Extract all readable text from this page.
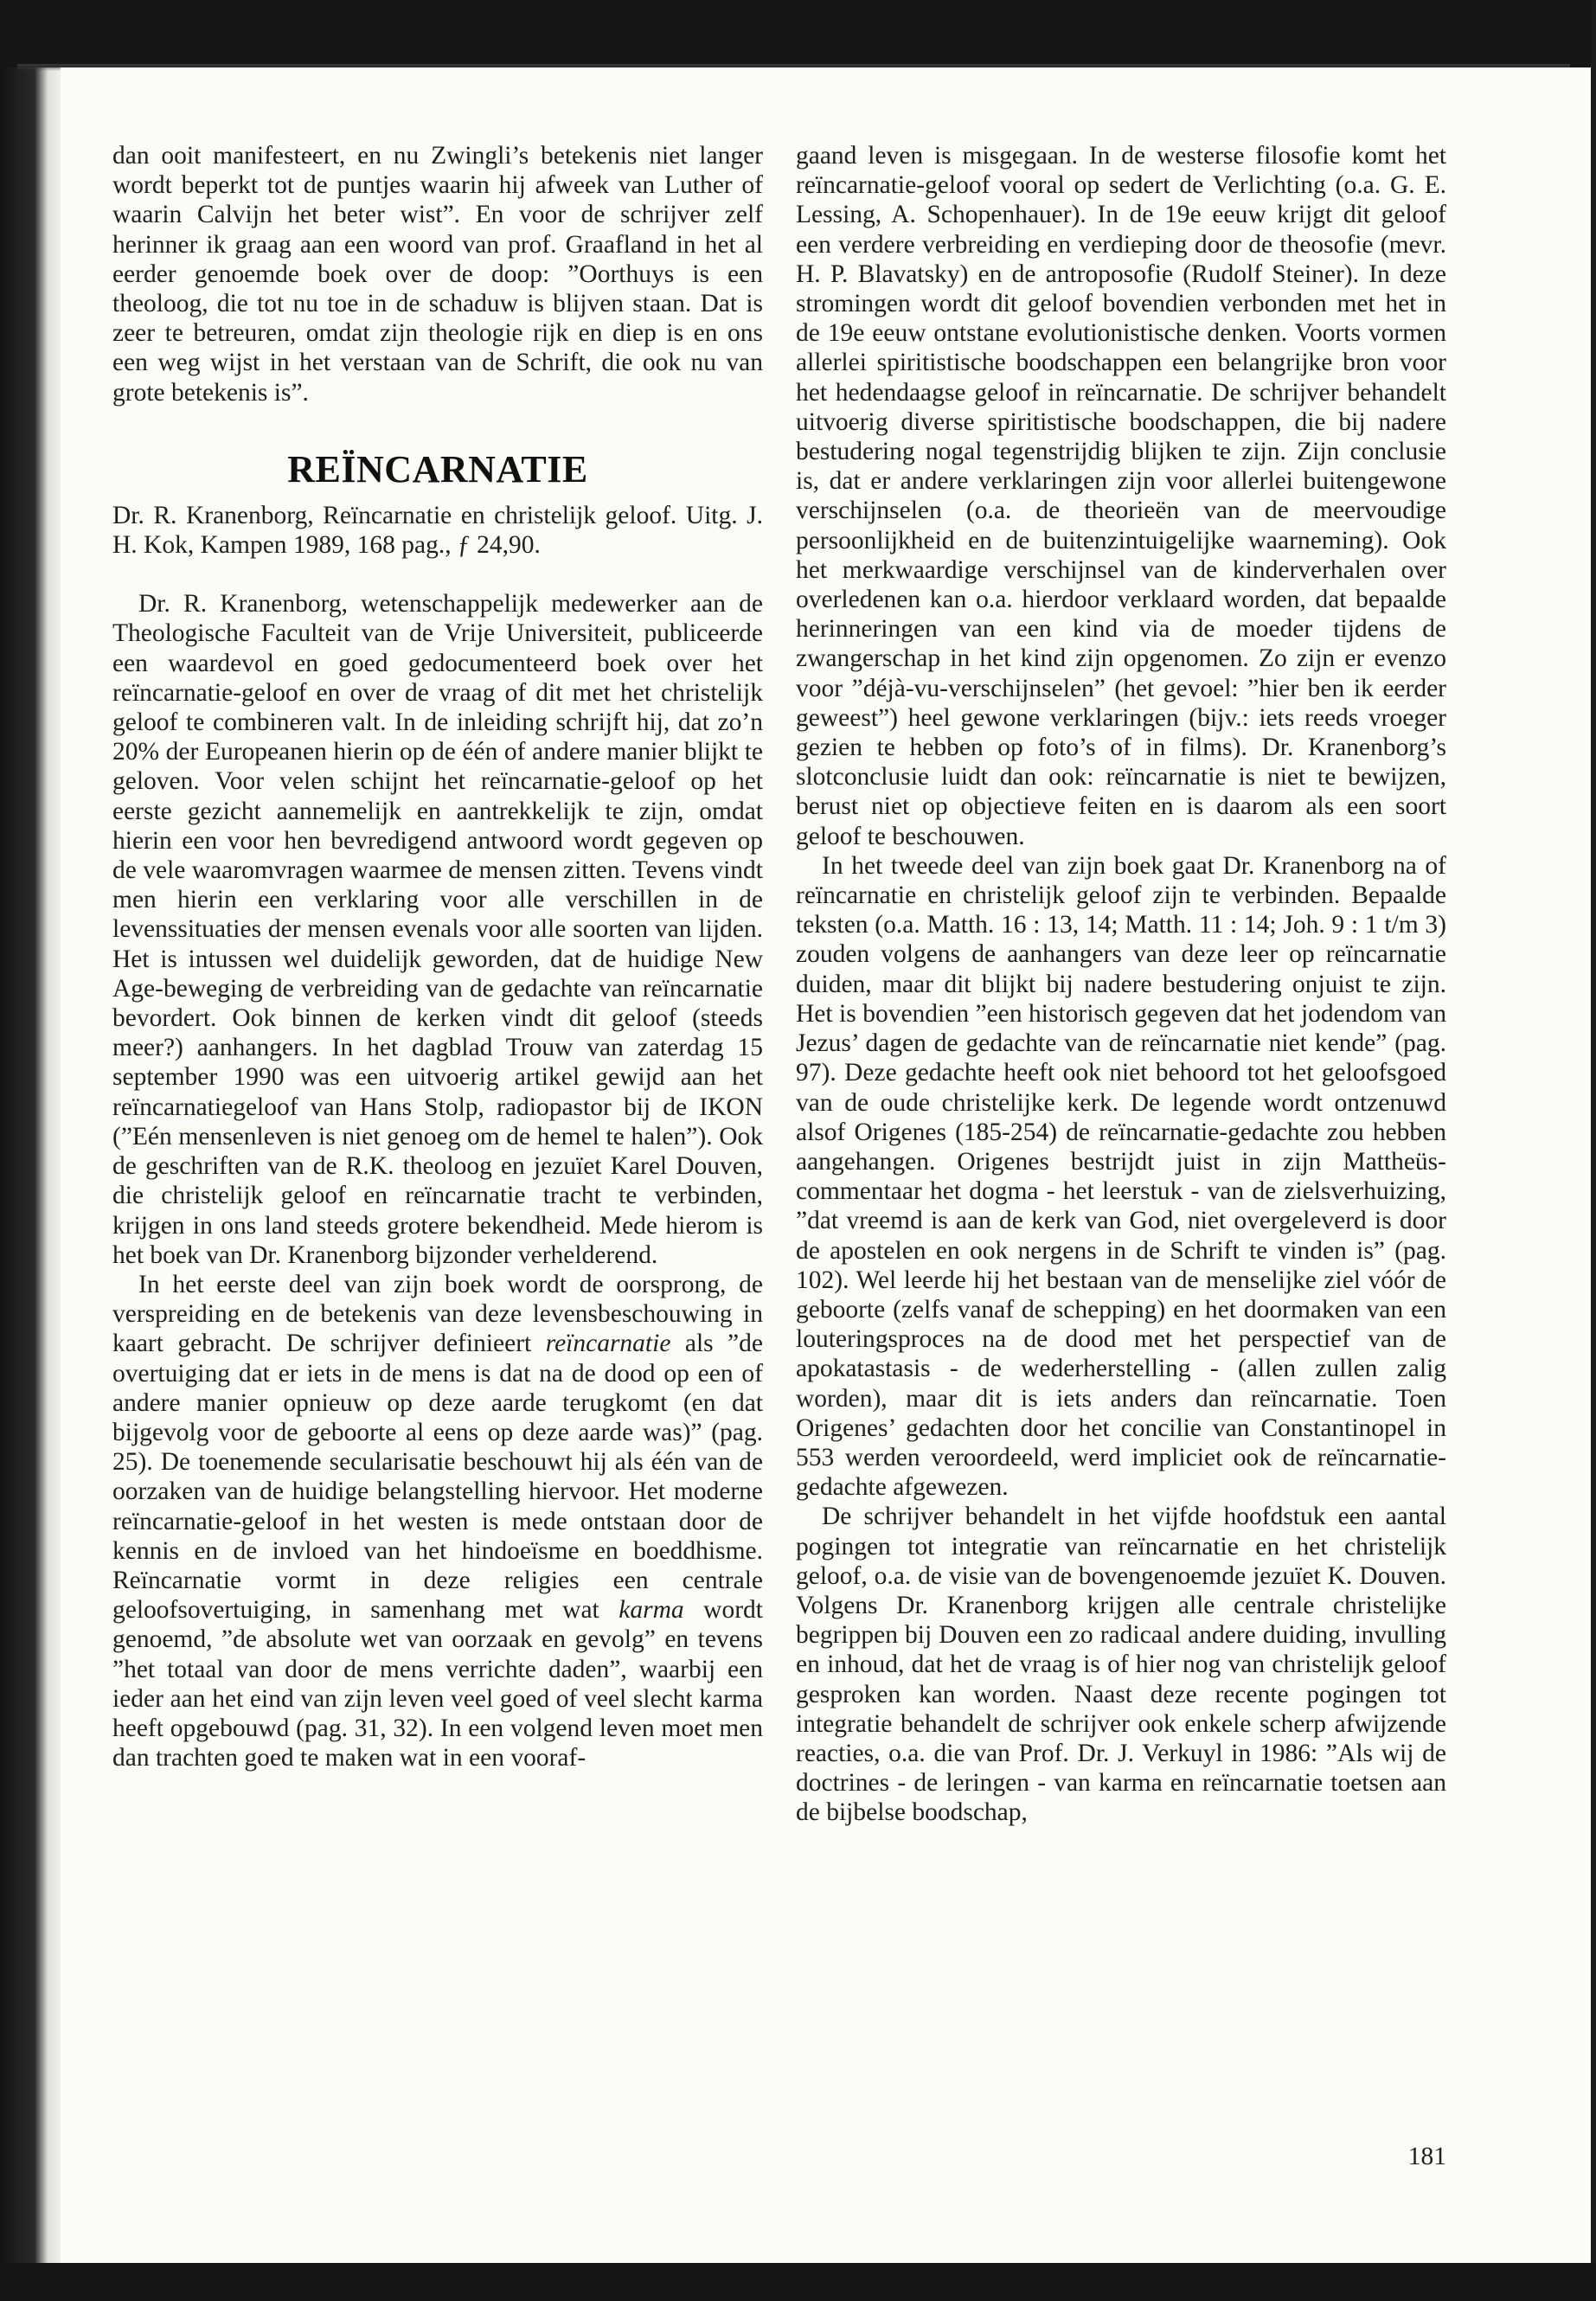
dan ooit manifesteert, en nu Zwingli’s betekenis niet langer wordt beperkt tot de puntjes waarin hij afweek van Luther of waarin Calvijn het beter wist”. En voor de schrijver zelf herinner ik graag aan een woord van prof. Graafland in het al eerder genoemde boek over de doop: ”Oorthuys is een theoloog, die tot nu toe in de schaduw is blijven staan. Dat is zeer te betreuren, omdat zijn theologie rijk en diep is en ons een weg wijst in het verstaan van de Schrift, die ook nu van grote betekenis is”.

REÏNCARNATIE

Dr. R. Kranenborg, Reïncarnatie en christelijk geloof. Uitg. J. H. Kok, Kampen 1989, 168 pag., ƒ 24,90.

Dr. R. Kranenborg, wetenschappelijk medewerker aan de Theologische Faculteit van de Vrije Universiteit, publiceerde een waardevol en goed gedocumenteerd boek over het reïncarnatie-geloof en over de vraag of dit met het christelijk geloof te combineren valt. In de inleiding schrijft hij, dat zo’n 20% der Europeanen hierin op de één of andere manier blijkt te geloven. Voor velen schijnt het reïncarnatie-geloof op het eerste gezicht aannemelijk en aantrekkelijk te zijn, omdat hierin een voor hen bevredigend antwoord wordt gegeven op de vele waaromvragen waarmee de mensen zitten. Tevens vindt men hierin een verklaring voor alle verschillen in de levenssituaties der mensen evenals voor alle soorten van lijden. Het is intussen wel duidelijk geworden, dat de huidige New Age-beweging de verbreiding van de gedachte van reïncarnatie bevordert. Ook binnen de kerken vindt dit geloof (steeds meer?) aanhangers. In het dagblad Trouw van zaterdag 15 september 1990 was een uitvoerig artikel gewijd aan het reïncarnatiegeloof van Hans Stolp, radiopastor bij de IKON (”Eén mensenleven is niet genoeg om de hemel te halen”). Ook de geschriften van de R.K. theoloog en jezuïet Karel Douven, die christelijk geloof en reïncarnatie tracht te verbinden, krijgen in ons land steeds grotere bekendheid. Mede hierom is het boek van Dr. Kranenborg bijzonder verhelderend.

In het eerste deel van zijn boek wordt de oorsprong, de verspreiding en de betekenis van deze levensbeschouwing in kaart gebracht. De schrijver definieert reïncarnatie als ”de overtuiging dat er iets in de mens is dat na de dood op een of andere manier opnieuw op deze aarde terugkomt (en dat bijgevolg voor de geboorte al eens op deze aarde was)” (pag. 25). De toenemende secularisatie beschouwt hij als één van de oorzaken van de huidige belangstelling hiervoor. Het moderne reïncarnatie-geloof in het westen is mede ontstaan door de kennis en de invloed van het hindoeïsme en boeddhisme. Reïncarnatie vormt in deze religies een centrale geloofsovertuiging, in samenhang met wat karma wordt genoemd, ”de absolute wet van oorzaak en gevolg” en tevens ”het totaal van door de mens verrichte daden”, waarbij een ieder aan het eind van zijn leven veel goed of veel slecht karma heeft opgebouwd (pag. 31, 32). In een volgend leven moet men dan trachten goed te maken wat in een vooraf-

gaand leven is misgegaan. In de westerse filosofie komt het reïncarnatie-geloof vooral op sedert de Verlichting (o.a. G. E. Lessing, A. Schopenhauer). In de 19e eeuw krijgt dit geloof een verdere verbreiding en verdieping door de theosofie (mevr. H. P. Blavatsky) en de antroposofie (Rudolf Steiner). In deze stromingen wordt dit geloof bovendien verbonden met het in de 19e eeuw ontstane evolutionistische denken. Voorts vormen allerlei spiritistische boodschappen een belangrijke bron voor het hedendaagse geloof in reïncarnatie. De schrijver behandelt uitvoerig diverse spiritistische boodschappen, die bij nadere bestudering nogal tegenstrijdig blijken te zijn. Zijn conclusie is, dat er andere verklaringen zijn voor allerlei buitengewone verschijnselen (o.a. de theorieën van de meervoudige persoonlijkheid en de buitenzintuigelijke waarneming). Ook het merkwaardige verschijnsel van de kinderverhalen over overledenen kan o.a. hierdoor verklaard worden, dat bepaalde herinneringen van een kind via de moeder tijdens de zwangerschap in het kind zijn opgenomen. Zo zijn er evenzo voor ”déjà-vu-verschijnselen” (het gevoel: ”hier ben ik eerder geweest”) heel gewone verklaringen (bijv.: iets reeds vroeger gezien te hebben op foto’s of in films). Dr. Kranenborg’s slotconclusie luidt dan ook: reïncarnatie is niet te bewijzen, berust niet op objectieve feiten en is daarom als een soort geloof te beschouwen.

In het tweede deel van zijn boek gaat Dr. Kranenborg na of reïncarnatie en christelijk geloof zijn te verbinden. Bepaalde teksten (o.a. Matth. 16 : 13, 14; Matth. 11 : 14; Joh. 9 : 1 t/m 3) zouden volgens de aanhangers van deze leer op reïncarnatie duiden, maar dit blijkt bij nadere bestudering onjuist te zijn. Het is bovendien ”een historisch gegeven dat het jodendom van Jezus’ dagen de gedachte van de reïncarnatie niet kende” (pag. 97). Deze gedachte heeft ook niet behoord tot het geloofsgoed van de oude christelijke kerk. De legende wordt ontzenuwd alsof Origenes (185-254) de reïncarnatie-gedachte zou hebben aangehangen. Origenes bestrijdt juist in zijn Mattheüs-commentaar het dogma - het leerstuk - van de zielsverhuizing, ”dat vreemd is aan de kerk van God, niet overgeleverd is door de apostelen en ook nergens in de Schrift te vinden is” (pag. 102). Wel leerde hij het bestaan van de menselijke ziel vóór de geboorte (zelfs vanaf de schepping) en het doormaken van een louteringsproces na de dood met het perspectief van de apokatastasis - de wederherstelling - (allen zullen zalig worden), maar dit is iets anders dan reïncarnatie. Toen Origenes’ gedachten door het concilie van Constantinopel in 553 werden veroordeeld, werd impliciet ook de reïncarnatie-gedachte afgewezen.

De schrijver behandelt in het vijfde hoofdstuk een aantal pogingen tot integratie van reïncarnatie en het christelijk geloof, o.a. de visie van de bovengenoemde jezuïet K. Douven. Volgens Dr. Kranenborg krijgen alle centrale christelijke begrippen bij Douven een zo radicaal andere duiding, invulling en inhoud, dat het de vraag is of hier nog van christelijk geloof gesproken kan worden. Naast deze recente pogingen tot integratie behandelt de schrijver ook enkele scherp afwijzende reacties, o.a. die van Prof. Dr. J. Verkuyl in 1986: ”Als wij de doctrines - de leringen - van karma en reïncarnatie toetsen aan de bijbelse boodschap,

181
